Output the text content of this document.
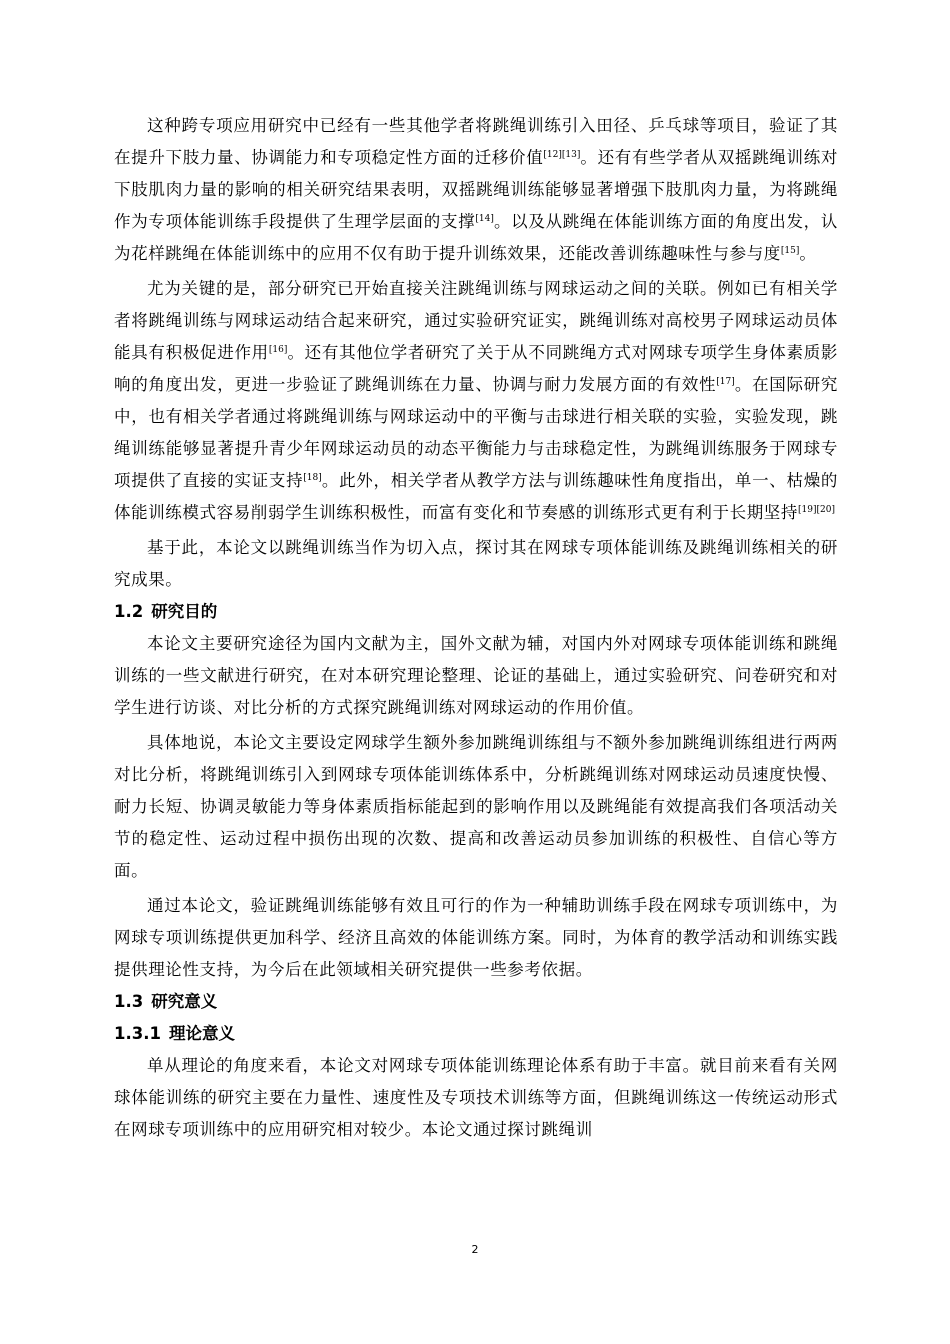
这种跨专项应用研究中已经有一些其他学者将跳绳训练引入田径、乒乓球等项目，验证了其在提升下肢力量、协调能力和专项稳定性方面的迁移价值[12][13]。还有有些学者从双摇跳绳训练对下肢肌肉力量的影响的相关研究结果表明，双摇跳绳训练能够显著增强下肢肌肉力量，为将跳绳作为专项体能训练手段提供了生理学层面的支撑[14]。以及从跳绳在体能训练方面的角度出发，认为花样跳绳在体能训练中的应用不仅有助于提升训练效果，还能改善训练趣味性与参与度[15]。

尤为关键的是，部分研究已开始直接关注跳绳训练与网球运动之间的关联。例如已有相关学者将跳绳训练与网球运动结合起来研究，通过实验研究证实，跳绳训练对高校男子网球运动员体能具有积极促进作用[16]。还有其他位学者研究了关于从不同跳绳方式对网球专项学生身体素质影响的角度出发，更进一步验证了跳绳训练在力量、协调与耐力发展方面的有效性[17]。在国际研究中，也有相关学者通过将跳绳训练与网球运动中的平衡与击球进行相关联的实验，实验发现，跳绳训练能够显著提升青少年网球运动员的动态平衡能力与击球稳定性，为跳绳训练服务于网球专项提供了直接的实证支持[18]。此外，相关学者从教学方法与训练趣味性角度指出，单一、枯燥的体能训练模式容易削弱学生训练积极性，而富有变化和节奏感的训练形式更有利于长期坚持[19][20]

基于此，本论文以跳绳训练当作为切入点，探讨其在网球专项体能训练及跳绳训练相关的研究成果。

1.2 研究目的

本论文主要研究途径为国内文献为主，国外文献为辅，对国内外对网球专项体能训练和跳绳训练的一些文献进行研究，在对本研究理论整理、论证的基础上，通过实验研究、问卷研究和对学生进行访谈、对比分析的方式探究跳绳训练对网球运动的作用价值。

具体地说，本论文主要设定网球学生额外参加跳绳训练组与不额外参加跳绳训练组进行两两对比分析，将跳绳训练引入到网球专项体能训练体系中，分析跳绳训练对网球运动员速度快慢、耐力长短、协调灵敏能力等身体素质指标能起到的影响作用以及跳绳能有效提高我们各项活动关节的稳定性、运动过程中损伤出现的次数、提高和改善运动员参加训练的积极性、自信心等方面。

通过本论文，验证跳绳训练能够有效且可行的作为一种辅助训练手段在网球专项训练中，为网球专项训练提供更加科学、经济且高效的体能训练方案。同时，为体育的教学活动和训练实践提供理论性支持，为今后在此领域相关研究提供一些参考依据。

1.3 研究意义
1.3.1 理论意义

单从理论的角度来看，本论文对网球专项体能训练理论体系有助于丰富。就目前来看有关网球体能训练的研究主要在力量性、速度性及专项技术训练等方面，但跳绳训练这一传统运动形式在网球专项训练中的应用研究相对较少。本论文通过探讨跳绳训

2
